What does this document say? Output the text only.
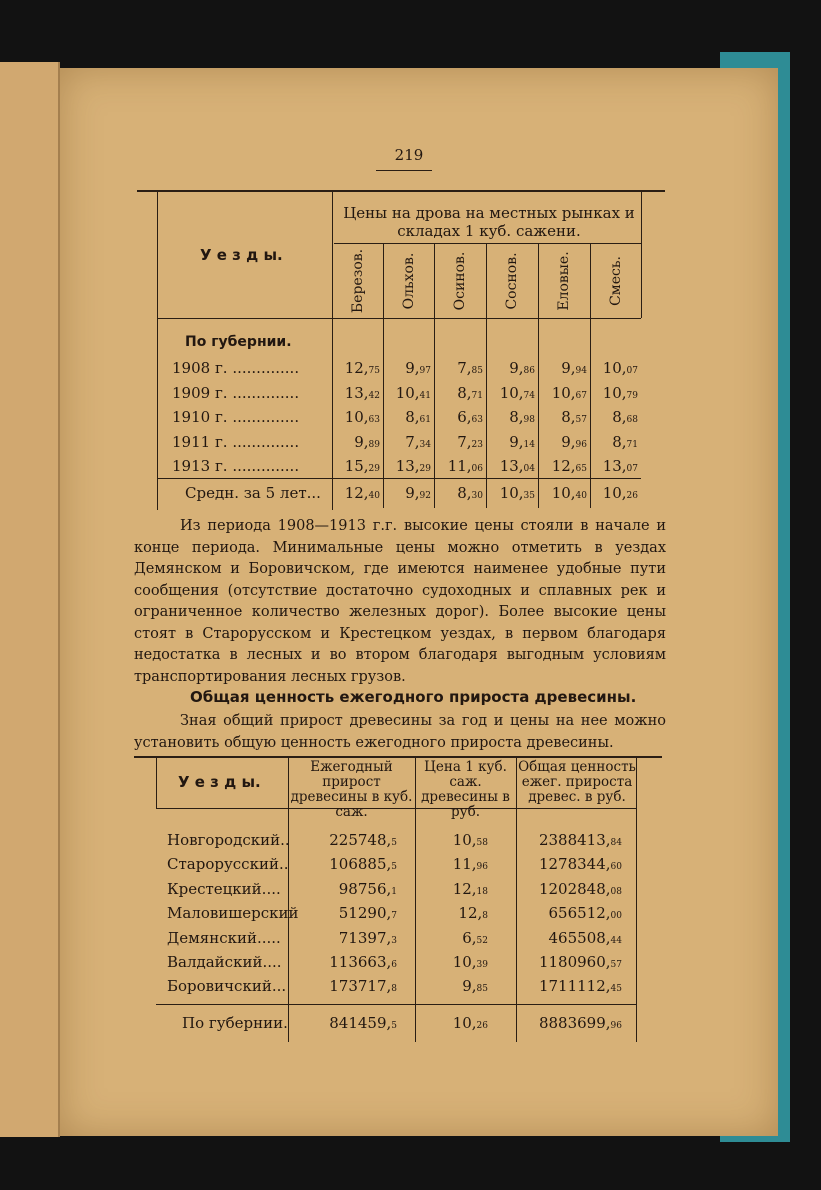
219
У е з д ы.
Цены на дрова на местных рынках и складах 1 куб. сажени.
Березов.	Ольхов.	Осинов.	Соснов.	Еловые.	Смесь.
По губернии.
1908 г. ..............	12,75 9,97 7,85 9,86 9,94 10,07
1909 г. ..............	13,42 10,41 8,71 10,74 10,67 10,79
1910 г. ..............	10,63 8,61 6,63 8,98 8,57 8,68
1911 г. ..............	9,89 7,34 7,23 9,14 9,96 8,71
1913 г. ..............	15,29 13,29 11,06 13,04 12,65 13,07
Средн. за 5 лет... 12,40 9,92 8,30 10,35 10,40 10,26
Из периода 1908—1913 г.г. высокие цены стояли в начале и конце периода. Минимальные цены можно отметить в уездах Демянском и Боровичском, где имеются наименее удобные пути сообщения (отсутствие достаточно судоходных и сплавных рек и ограниченное количество железных дорог). Более высокие цены стоят в Старорусском и Крестецком уездах, в первом благодаря недостатка в лесных и во втором благодаря выгодным условиям транспортирования лесных грузов.
Общая ценность ежегодного прироста древесины.
Зная общий прирост древесины за год и цены на нее можно установить общую ценность ежегодного прироста древесины.
У е з д ы.
Ежегодный прирост древесины в куб. саж.
Цена 1 куб. саж. древесины в руб.
Общая ценность ежег. прироста древес. в руб.
Новгородский..	225748,5	10,58	2388413,84
Старорусский..	106885,5	11,96	1278344,60
Крестецкий....	98756,1	12,18	1202848,08
Маловишерский	51290,7	12,8	656512,00
Демянский.....	71397,3	6,52	465508,44
Валдайский....	113663,6	10,39	1180960,57
Боровичский...	173717,8	9,85	1711112,45
По губернии.	841459,5	10,26	8883699,96
